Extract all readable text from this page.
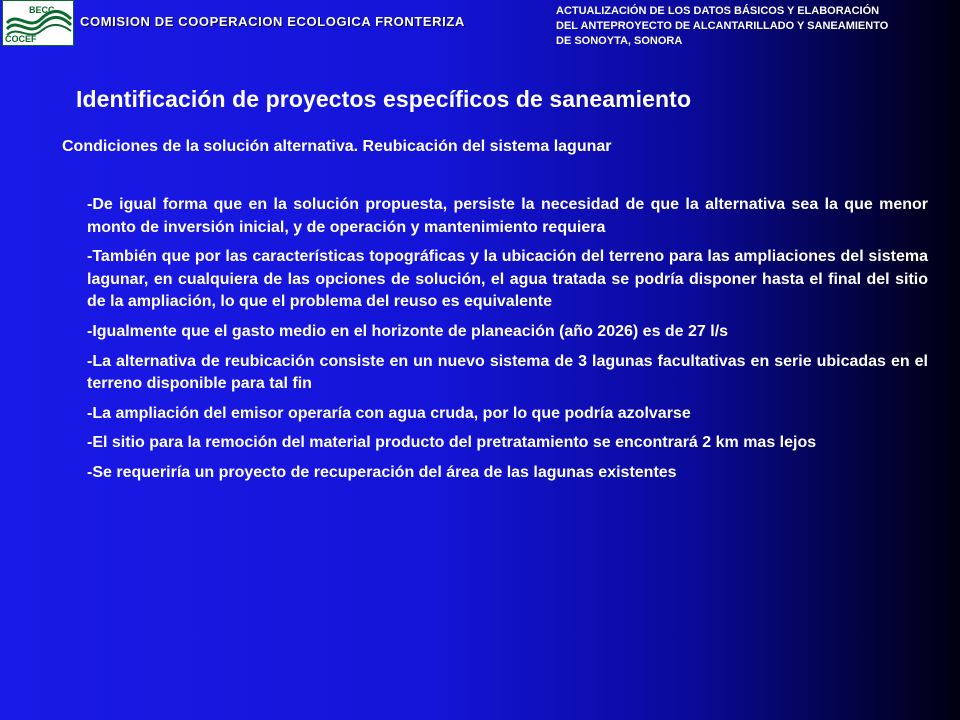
BECC
COCEF
COMISION DE COOPERACION ECOLOGICA FRONTERIZA
ACTUALIZACIÓN DE LOS DATOS BÁSICOS Y ELABORACIÓN
DEL ANTEPROYECTO DE ALCANTARILLADO Y SANEAMIENTO
DE SONOYTA, SONORA
Identificación de proyectos específicos de saneamiento
Condiciones de la solución alternativa. Reubicación del sistema lagunar
-De igual forma que en la solución propuesta, persiste la necesidad de que la alternativa sea la que menor monto de inversión inicial, y de operación y mantenimiento requiera
-También que por las características topográficas y la ubicación del terreno para las ampliaciones del sistema lagunar, en cualquiera de las opciones de solución, el agua tratada se podría disponer hasta el final del sitio de la ampliación, lo que el problema del reuso es equivalente
-Igualmente que el gasto medio en el horizonte de planeación (año 2026) es de 27 l/s
-La alternativa de reubicación consiste en un nuevo sistema de 3 lagunas facultativas en serie ubicadas en el terreno disponible para tal fin
-La ampliación del emisor operaría con agua cruda, por lo que podría azolvarse
-El sitio para la remoción del material producto del pretratamiento se encontrará 2 km mas lejos
-Se requeriría un proyecto de recuperación del área de las lagunas existentes
